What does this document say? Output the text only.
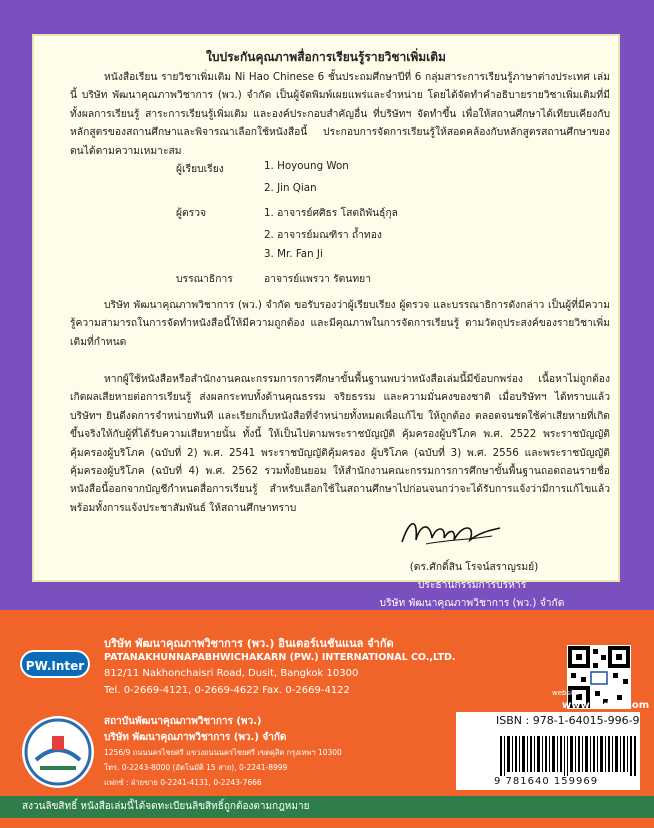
ใบประกันคุณภาพสื่อการเรียนรู้รายวิชาเพิ่มเติม
หนังสือเรียน รายวิชาเพิ่มเติม Ni Hao Chinese 6 ชั้นประถมศึกษาปีที่ 6 กลุ่มสาระการเรียนรู้ภาษาต่างประเทศ เล่มนี้ บริษัท พัฒนาคุณภาพวิชาการ (พว.) จำกัด เป็นผู้จัดพิมพ์เผยแพร่และจำหน่าย โดยได้จัดทำคำอธิบายรายวิชาเพิ่มเติมที่มีทั้งผลการเรียนรู้ สาระการเรียนรู้เพิ่มเติม และองค์ประกอบสำคัญอื่น ที่บริษัทฯ จัดทำขึ้น เพื่อให้สถานศึกษาได้เทียบเคียงกับหลักสูตรของสถานศึกษาและพิจารณาเลือกใช้หนังสือนี้ ประกอบการจัดการเรียนรู้ให้สอดคล้องกับหลักสูตรสถานศึกษาของตนได้ตามความเหมาะสม
ผู้เรียบเรียง	1. Hoyoung Won
2. Jin Qian
ผู้ตรวจ	1. อาจารย์ศศิธร โสตถิพันธุ์กุล
2. อาจารย์มณฑิรา ถ้ำทอง
3. Mr. Fan Ji
บรรณาธิการ	อาจารย์แพรวา รัตนทยา
บริษัท พัฒนาคุณภาพวิชาการ (พว.) จำกัด ขอรับรองว่าผู้เรียบเรียง ผู้ตรวจ และบรรณาธิการดังกล่าว เป็นผู้ที่มีความรู้ความสามารถในการจัดทำหนังสือนี้ให้มีความถูกต้อง และมีคุณภาพในการจัดการเรียนรู้ ตามวัตถุประสงค์ของรายวิชาเพิ่มเติมที่กำหนด
หากผู้ใช้หนังสือหรือสำนักงานคณะกรรมการการศึกษาขั้นพื้นฐานพบว่าหนังสือเล่มนี้มีข้อบกพร่อง เนื้อหาไม่ถูกต้อง เกิดผลเสียหายต่อการเรียนรู้ ส่งผลกระทบทั้งด้านคุณธรรม จริยธรรม และความมั่นคงของชาติ เมื่อบริษัทฯ ได้ทราบแล้ว บริษัทฯ ยินดีงดการจำหน่ายทันที และเรียกเก็บหนังสือที่จำหน่ายทั้งหมดเพื่อแก้ไข ให้ถูกต้อง ตลอดจนชดใช้ค่าเสียหายที่เกิดขึ้นจริงให้กับผู้ที่ได้รับความเสียหายนั้น ทั้งนี้ ให้เป็นไปตามพระราชบัญญัติ คุ้มครองผู้บริโภค พ.ศ. 2522 พระราชบัญญัติคุ้มครองผู้บริโภค (ฉบับที่ 2) พ.ศ. 2541 พระราชบัญญัติคุ้มครอง ผู้บริโภค (ฉบับที่ 3) พ.ศ. 2556 และพระราชบัญญัติคุ้มครองผู้บริโภค (ฉบับที่ 4) พ.ศ. 2562 รวมทั้งยินยอม ให้สำนักงานคณะกรรมการการศึกษาขั้นพื้นฐานถอดถอนรายชื่อหนังสือนี้ออกจากบัญชีกำหนดสื่อการเรียนรู้ สำหรับเลือกใช้ในสถานศึกษาไปก่อนจนกว่าจะได้รับการแจ้งว่ามีการแก้ไขแล้ว พร้อมทั้งการแจ้งประชาสัมพันธ์ ให้สถานศึกษาทราบ
(ดร.ศักดิ์สิน โรจน์สราญรมย์)
ประธานกรรมการบริหาร
บริษัท พัฒนาคุณภาพวิชาการ (พว.) จำกัด
PW.Inter
บริษัท พัฒนาคุณภาพวิชาการ (พว.) อินเตอร์เนชันแนล จำกัด
PATANAKHUNNAPABHWICHAKARN (PW.) INTERNATIONAL CO.,LTD.
812/11 Nakhonchaisri Road, Dusit, Bangkok 10300
Tel. 0-2669-4121, 0-2669-4622 Fax. 0-2669-4122
สถาบันพัฒนาคุณภาพวิชาการ (พว.)
บริษัท พัฒนาคุณภาพวิชาการ (พว.) จำกัด
1256/9 ถนนนครไชยศรี แขวงถนนนครไชยศรี เขตดุสิต กรุงเทพฯ 10300
โทร. 0-2243-8000 (อัตโนมัติ 15 สาย), 0-2241-8999
แฟกซ์ : ฝ่ายขาย 0-2241-4131, 0-2243-7666
website :
www.iadth.com
ISBN : 978-1-64015-996-9
9 781640 159969
สงวนลิขสิทธิ์ หนังสือเล่มนี้ได้จดทะเบียนลิขสิทธิ์ถูกต้องตามกฎหมาย
